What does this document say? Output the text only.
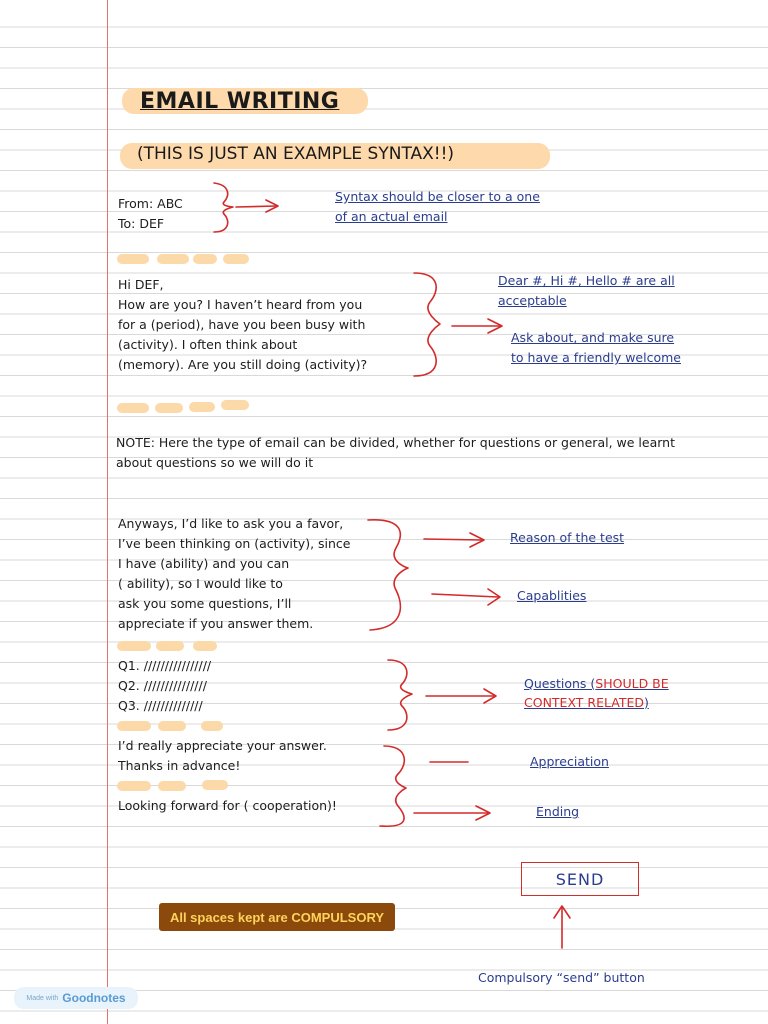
EMAIL WRITING
(THIS IS JUST AN EXAMPLE SYNTAX!!)
From: ABC
To: DEF
Syntax should be closer to a one
of an actual email
Hi DEF,
How are you? I haven’t heard from you
for a (period), have you been busy with
(activity). I often think about
(memory). Are you still doing (activity)?
Dear #, Hi #, Hello # are all
acceptable
Ask about, and make sure
to have a friendly welcome
NOTE: Here the type of email can be divided, whether for questions or general, we learnt
about questions so we will do it
Anyways, I’d like to ask you a favor,
I’ve been thinking on (activity), since
I have (ability) and you can
( ability), so I would like to
ask you some questions, I’ll
appreciate if you answer them.
Reason of the test
Capablities
Q1. ////////////////
Q2. ///////////////
Q3. //////////////
Questions (SHOULD BE
CONTEXT RELATED)
I’d really appreciate your answer.
Thanks in advance!	Appreciation
Looking forward for ( cooperation)!	Ending
SEND
Compulsory “send” button
All spaces kept are COMPULSORY
Made with Goodnotes
